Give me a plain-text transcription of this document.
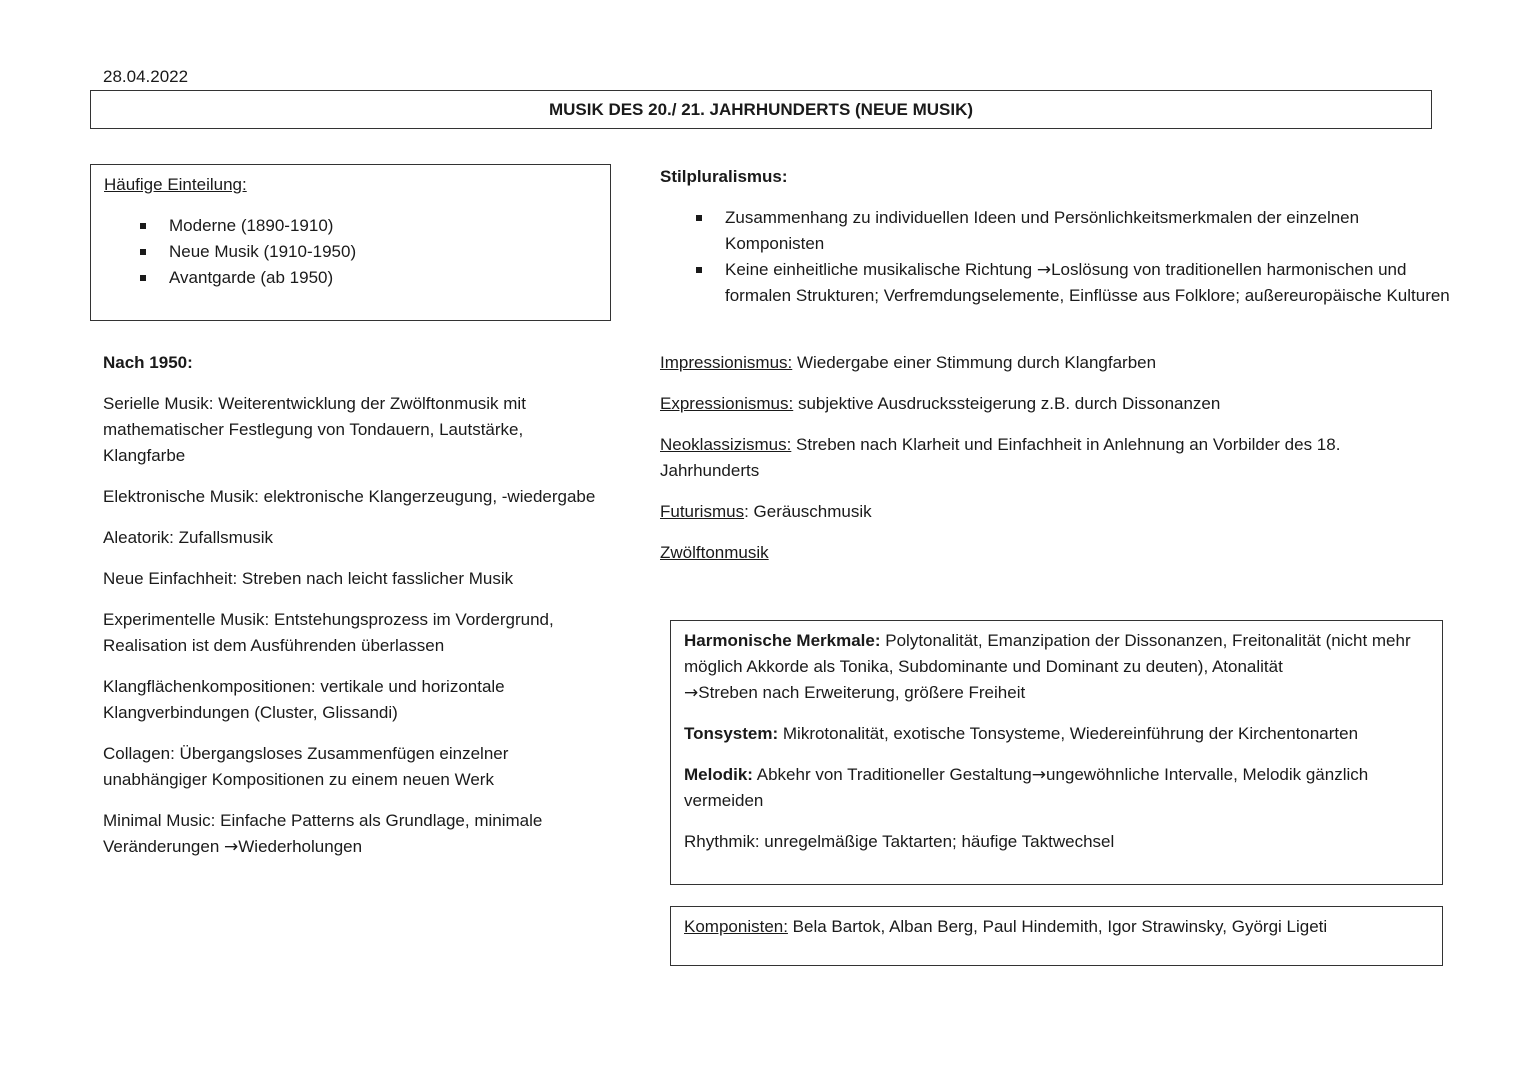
28.04.2022
MUSIK DES 20./ 21. JAHRHUNDERTS (NEUE MUSIK)
Häufige Einteilung:
Moderne (1890-1910)
Neue Musik (1910-1950)
Avantgarde (ab 1950)
Nach 1950:
Serielle Musik: Weiterentwicklung der Zwölftonmusik mit mathematischer Festlegung von Tondauern, Lautstärke, Klangfarbe
Elektronische Musik: elektronische Klangerzeugung, -wiedergabe
Aleatorik: Zufallsmusik
Neue Einfachheit: Streben nach leicht fasslicher Musik
Experimentelle Musik: Entstehungsprozess im Vordergrund, Realisation ist dem Ausführenden überlassen
Klangflächenkompositionen: vertikale und horizontale Klangverbindungen (Cluster, Glissandi)
Collagen: Übergangsloses Zusammenfügen einzelner unabhängiger Kompositionen zu einem neuen Werk
Minimal Music: Einfache Patterns als Grundlage, minimale Veränderungen →Wiederholungen
Stilpluralismus:
Zusammenhang zu individuellen Ideen und Persönlichkeitsmerkmalen der einzelnen Komponisten
Keine einheitliche musikalische Richtung →Loslösung von traditionellen harmonischen und formalen Strukturen; Verfremdungselemente, Einflüsse aus Folklore; außereuropäische Kulturen
Impressionismus: Wiedergabe einer Stimmung durch Klangfarben
Expressionismus: subjektive Ausdruckssteigerung z.B. durch Dissonanzen
Neoklassizismus: Streben nach Klarheit und Einfachheit in Anlehnung an Vorbilder des 18. Jahrhunderts
Futurismus: Geräuschmusik
Zwölftonmusik
Harmonische Merkmale: Polytonalität, Emanzipation der Dissonanzen, Freitonalität (nicht mehr möglich Akkorde als Tonika, Subdominante und Dominant zu deuten), Atonalität
→Streben nach Erweiterung, größere Freiheit
Tonsystem: Mikrotonalität, exotische Tonsysteme, Wiedereinführung der Kirchentonarten
Melodik: Abkehr von Traditioneller Gestaltung→ungewöhnliche Intervalle, Melodik gänzlich vermeiden
Rhythmik: unregelmäßige Taktarten; häufige Taktwechsel
Komponisten: Bela Bartok, Alban Berg, Paul Hindemith, Igor Strawinsky, Györgi Ligeti
